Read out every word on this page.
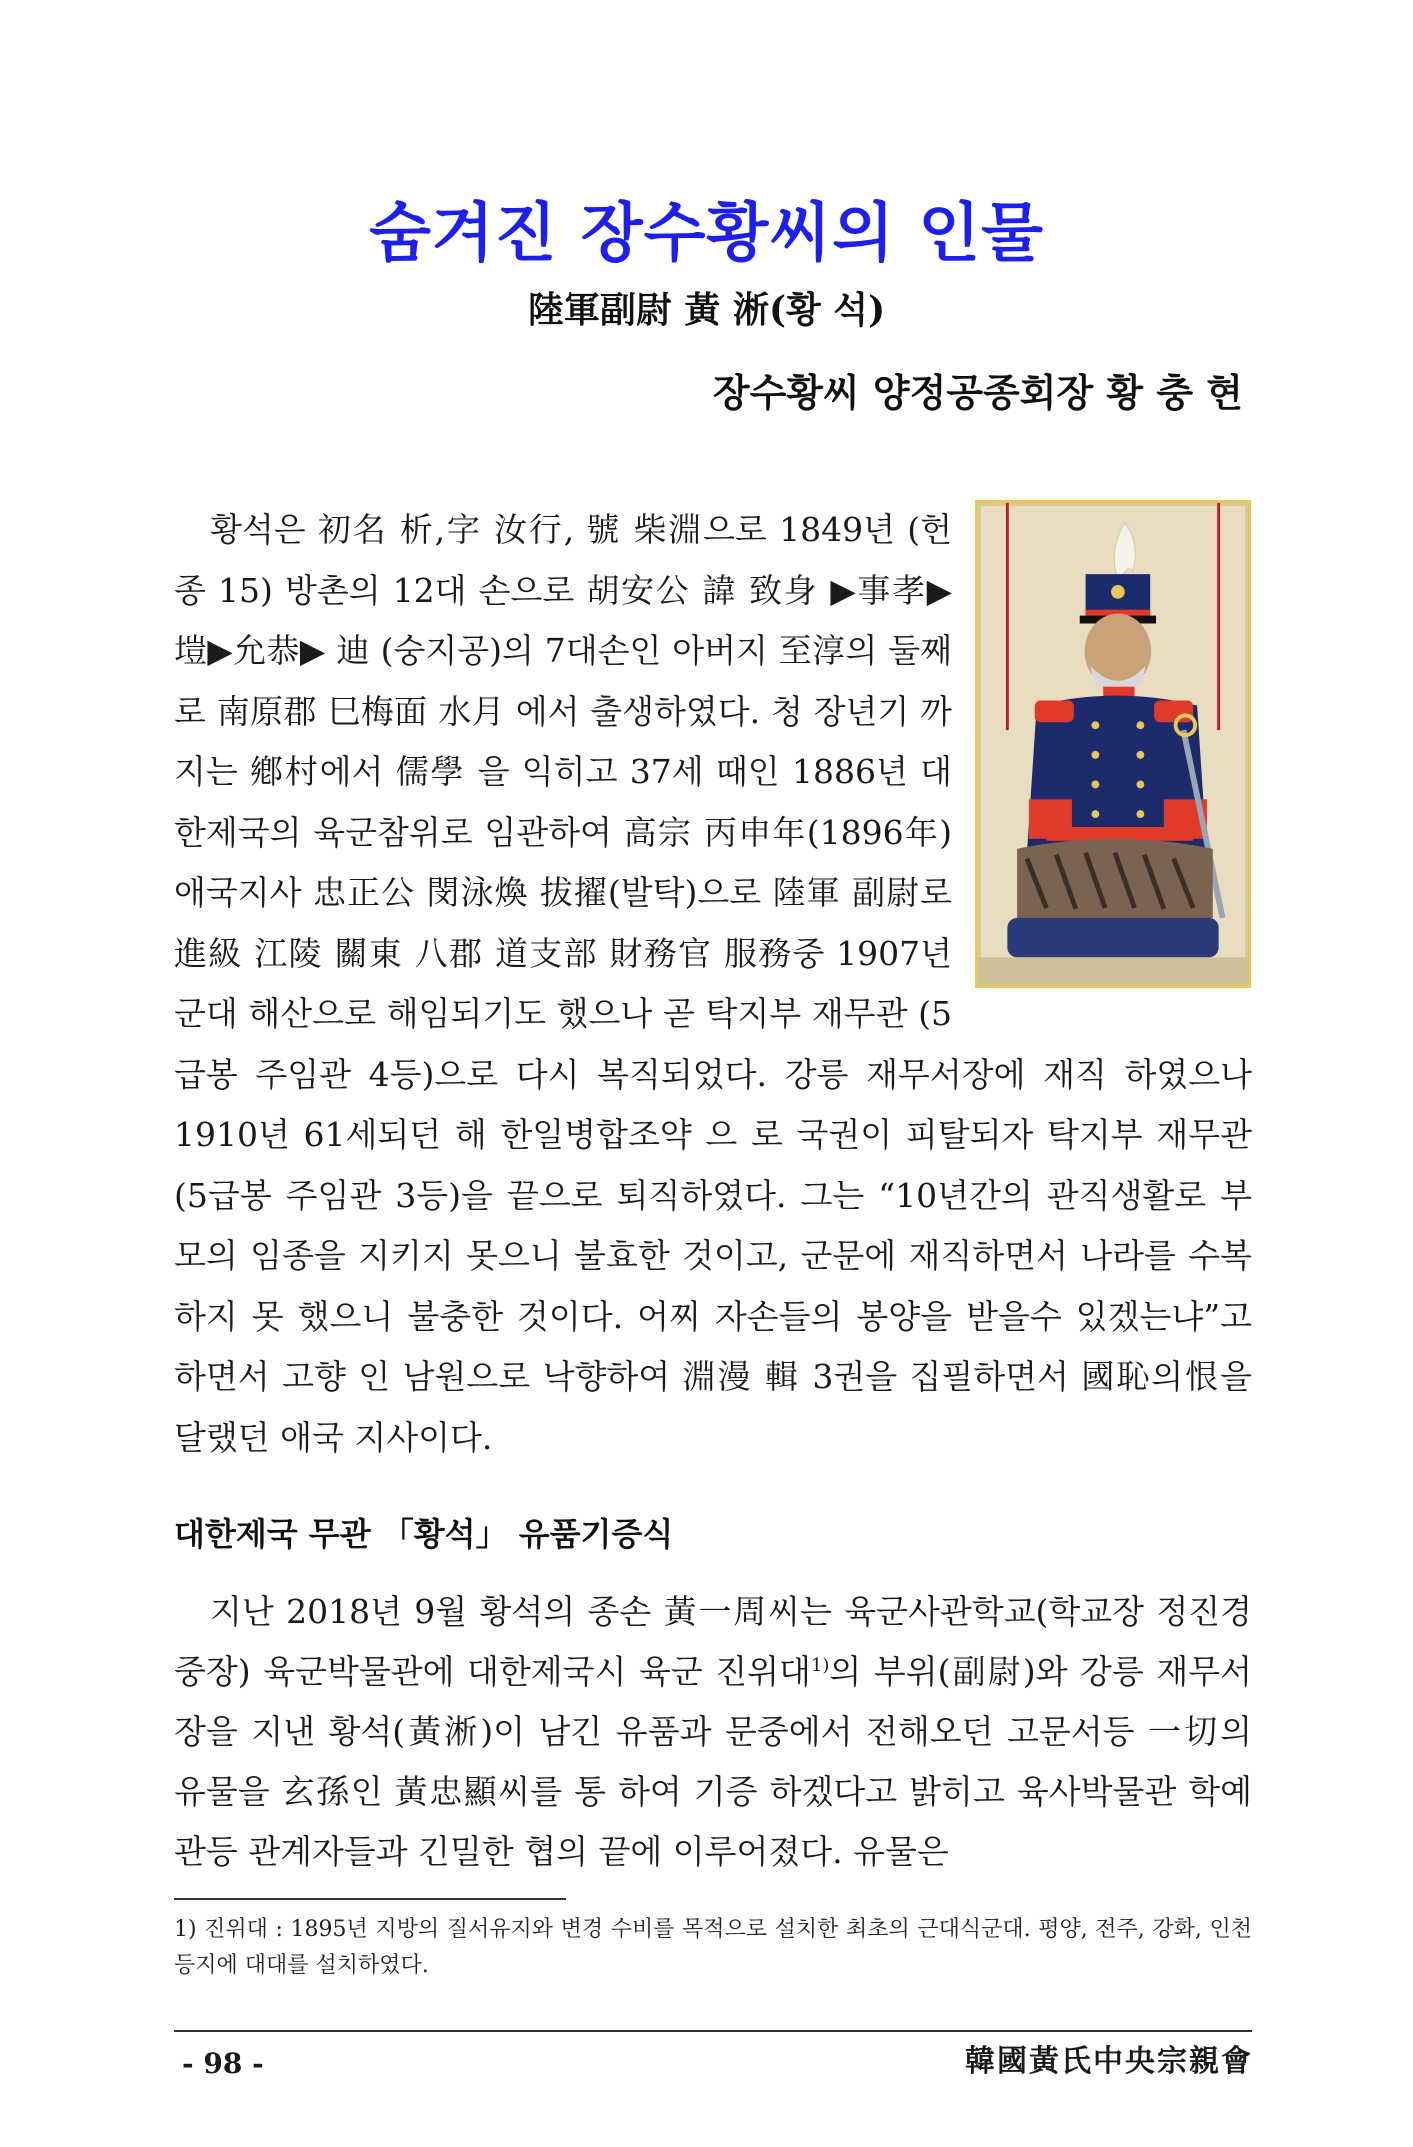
숨겨진 장수황씨의 인물
陸軍副尉 黃 淅(황 석)
장수황씨 양정공종회장 황 충 현

황석은 初名 析,字 汝行, 號 柴淵으로 1849년 (헌종 15) 방촌의 12대 손으로 胡安公 諱 致身 ▶事孝▶塏▶允恭▶ 迪 (숭지공)의 7대손인 아버지 至淳의 둘째로 南原郡 巳梅面 水月 에서 출생하였다. 청 장년기 까지는 鄕村에서 儒學 을 익히고 37세 때인 1886년 대한제국의 육군참위로 임관하여 高宗 丙申年(1896年)애국지사 忠正公 閔泳煥 拔擢(발탁)으로 陸軍 副尉로 進級 江陵 關東 八郡 道支部 財務官 服務중 1907년 군대 해산으로 해임되기도 했으나 곧 탁지부 재무관 (5급봉 주임관 4등)으로 다시 복직되었다. 강릉 재무서장에 재직 하였으나 1910년 61세되던 해 한일병합조약 으 로 국권이 피탈되자 탁지부 재무관(5급봉 주임관 3등)을 끝으로 퇴직하였다. 그는 “10년간의 관직생활로 부모의 임종을 지키지 못으니 불효한 것이고, 군문에 재직하면서 나라를 수복하지 못 했으니 불충한 것이다. 어찌 자손들의 봉양을 받을수 있겠는냐”고 하면서 고향 인 남원으로 낙향하여 淵漫 輯 3권을 집필하면서 國恥의恨을 달랬던 애국 지사이다.

대한제국 무관 「황석」 유품기증식

지난 2018년 9월 황석의 종손 黃一周씨는 육군사관학교(학교장 정진경 중장) 육군박물관에 대한제국시 육군 진위대$^{1)}$의 부위(副尉)와 강릉 재무서장을 지낸 황석(黃淅)이 남긴 유품과 문중에서 전해오던 고문서등 一切의 유물을 玄孫인 黃忠顯씨를 통 하여 기증 하겠다고 밝히고 육사박물관 학예관등 관계자들과 긴밀한 협의 끝에 이루어졌다. 유물은

1) 진위대 : 1895년 지방의 질서유지와 변경 수비를 목적으로 설치한 최초의 근대식군대. 평양, 전주, 강화, 인천등지에 대대를 설치하였다.
- 98 -	韓國黃氏中央宗親會
